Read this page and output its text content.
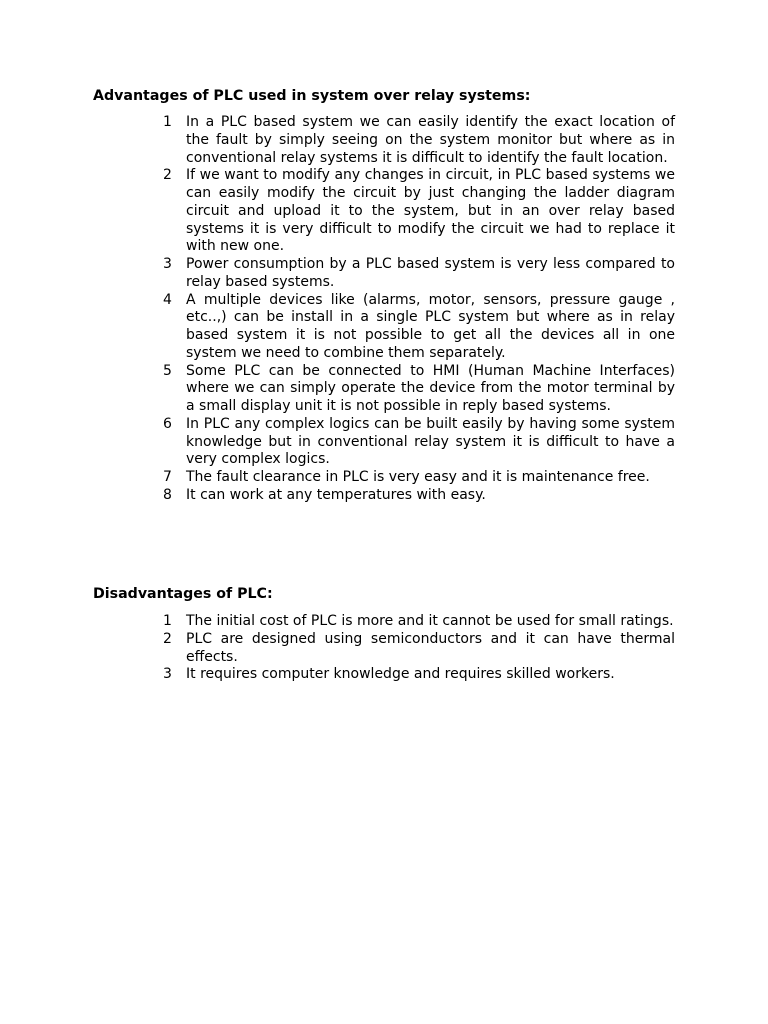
Advantages of PLC used in system over relay systems:

1	In a PLC based system we can easily identify the exact location of the fault by simply seeing on the system monitor but where as in conventional relay systems it is difficult to identify the fault location.
2	If we want to modify any changes in circuit, in PLC based systems we can easily modify the circuit by just changing the ladder diagram circuit and upload it to the system, but in an over relay based systems it is very difficult to modify the circuit we had to replace it with new one.
3	Power consumption by a PLC based system is very less compared to relay based systems.
4	A multiple devices like (alarms, motor, sensors, pressure gauge , etc..,) can be install in a single PLC system but where as in relay based system it is not possible to get all the devices all in one system we need to combine them separately.
5	Some PLC can be connected to HMI (Human Machine Interfaces) where we can simply operate the device from the motor terminal by a small display unit it is not possible in reply based systems.
6	In PLC any complex logics can be built easily by having some system knowledge but in conventional relay system it is difficult to have a very complex logics.
7	The fault clearance in PLC is very easy and it is maintenance free.
8	It can work at any temperatures with easy.

Disadvantages of PLC:

1	The initial cost of PLC is more and it cannot be used for small ratings.
2	PLC are designed using semiconductors and it can have thermal effects.
3	It requires computer knowledge and requires skilled workers.
